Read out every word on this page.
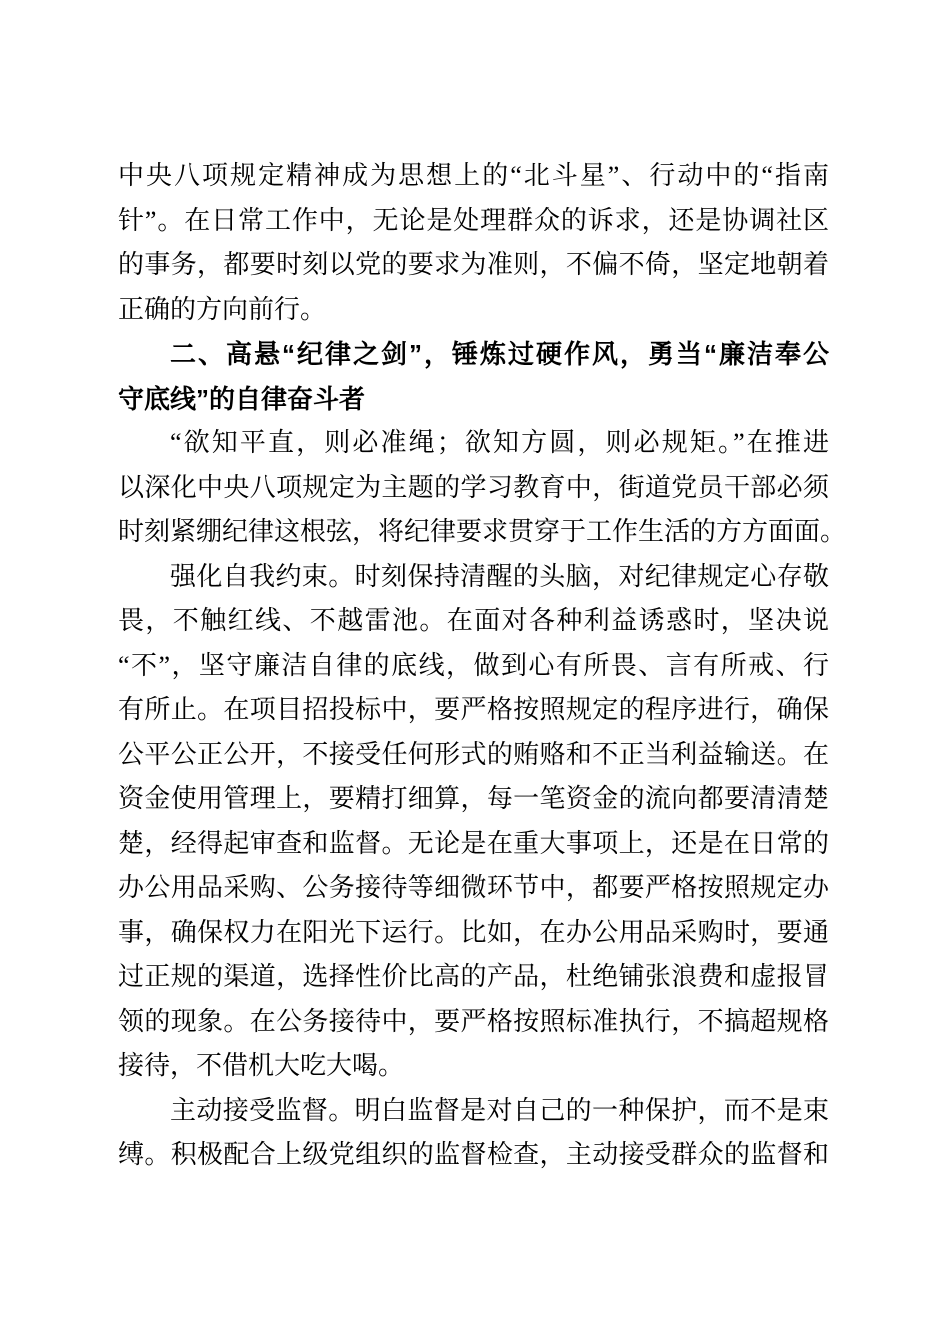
中央八项规定精神成为思想上的“北斗星”、行动中的“指南
针”。在日常工作中，无论是处理群众的诉求，还是协调社区
的事务，都要时刻以党的要求为准则，不偏不倚，坚定地朝着
正确的方向前行。
二、高悬“纪律之剑”，锤炼过硬作风，勇当“廉洁奉公
守底线”的自律奋斗者
“欲知平直，则必准绳；欲知方圆，则必规矩。”在推进
以深化中央八项规定为主题的学习教育中，街道党员干部必须
时刻紧绷纪律这根弦，将纪律要求贯穿于工作生活的方方面面。
强化自我约束。时刻保持清醒的头脑，对纪律规定心存敬
畏，不触红线、不越雷池。在面对各种利益诱惑时，坚决说
“不”，坚守廉洁自律的底线，做到心有所畏、言有所戒、行
有所止。在项目招投标中，要严格按照规定的程序进行，确保
公平公正公开，不接受任何形式的贿赂和不正当利益输送。在
资金使用管理上，要精打细算，每一笔资金的流向都要清清楚
楚，经得起审查和监督。无论是在重大事项上，还是在日常的
办公用品采购、公务接待等细微环节中，都要严格按照规定办
事，确保权力在阳光下运行。比如，在办公用品采购时，要通
过正规的渠道，选择性价比高的产品，杜绝铺张浪费和虚报冒
领的现象。在公务接待中，要严格按照标准执行，不搞超规格
接待，不借机大吃大喝。
主动接受监督。明白监督是对自己的一种保护，而不是束
缚。积极配合上级党组织的监督检查，主动接受群众的监督和
